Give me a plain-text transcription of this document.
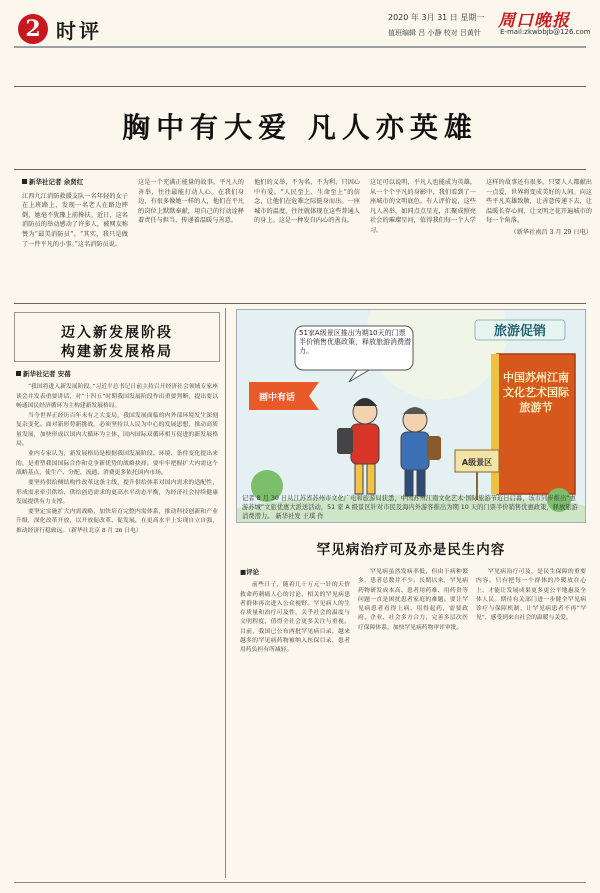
2 时评
2020 年 3月 31 日 星期一 周口晚报
值班编辑 吕 小静 校对 吕黄针	E-mail:zkwbbjb@126.com
胸中有大爱 凡人亦英雄
新华社记者 余贤红
江西九江消防救援支队一名年轻的女子在上班路上，发现一名老人在路边摔倒，她毫不犹豫上前搀扶。近日，这名消防员的举动感动了许多人，被网友称赞为“最美消防员”。“其实，我只是做了一件平凡的小事。”这名消防员说。
这是一个充满正能量的故事。平凡人的善举，往往最能打动人心。在我们身边，有很多像她一样的人，他们在平凡的岗位上默默奉献，用自己的行动诠释着责任与担当，传递着温暖与善意。
他们的义举，不为名，不为利，只因心中有爱。“人民至上、生命至上”的信念，让他们在危难之际挺身而出。一座城市的温度，往往就体现在这些普通人的身上。这是一种发自内心的善良。
这足可以说明，平凡人也能成为英雄。从一个个平凡的身影中，我们看到了一座城市的文明底色。有人评价说，这些凡人善举，如同点点星光，汇聚成照亮社会的璀璨星河，值得我们每一个人学习。
这样的故事还有很多。只要人人都献出一点爱，世界将变成美好的人间。向这些平凡英雄致敬，让善意传递下去，让温暖长存心间，让文明之花开遍城市的每一个角落。
（新华社南昌 3 月 29 日电）
迈入新发展阶段
构建新发展格局
新华社记者 安蓓

“我国将进入新发展阶段。”习近平总书记日前主持召开经济社会领域专家座谈会并发表重要讲话，对“十四五”时期我国发展阶段作出重要判断，提出要以畅通国民经济循环为主构建新发展格局。

当今世界正经历百年未有之大变局，我国发展面临的内外部环境发生深刻复杂变化。面对新形势新挑战，必须坚持以人民为中心的发展思想，推动高质量发展，加快形成以国内大循环为主体、国内国际双循环相互促进的新发展格局。

业内专家认为，新发展格局是根据我国发展阶段、环境、条件变化提出来的，是重塑我国国际合作和竞争新优势的战略抉择。要牢牢把握扩大内需这个战略基点，使生产、分配、流通、消费更多依托国内市场。

要坚持供给侧结构性改革这条主线，提升供给体系对国内需求的适配性，形成需求牵引供给、供给创造需求的更高水平动态平衡，为经济社会持续健康发展提供有力支撑。

要坚定实施扩大内需战略，加快培育完整内需体系，推动科技创新和产业升级，深化改革开放，以开放促改革、促发展，在更高水平上实现自立自强，推动经济行稳致远。（新华社北京 8 月 26 日电）

51家A级景区推出为期10天的门票半价销售优惠政策，释放旅游消费潜力。
旅游促销
画中有话
中国苏州江南文化艺术国际旅游节
A级景区
记者 8 月 30 日从江苏省苏州市文化广电和旅游局获悉，中国苏州江南文化艺术·国际旅游节近日启幕，该市同步推出“惠游苏城”文旅优惠大派送活动，51 家 A 级景区针对市民及海内外游客推出为期 10 天的门票半价销售优惠政策，释放旅游消费潜力。 新华社发 王琪 作
罕见病治疗可及亦是民生内容
■评论

前些日子，随着几十万元一针的天价救命药刺痛人心的讨论，相关的罕见病患者群体再次进入公众视野。罕见病人的生存质量和治疗可及性，关乎社会的温度与文明程度，值得全社会更多关注与重视。目前，我国已公布两批罕见病目录，越来越多的罕见病药物被纳入医保目录，患者用药负担有所减轻。

罕见病虽然发病率低，但由于病种繁多，患者总数并不少。长期以来，罕见病药物研发成本高、患者用药难、用药贵等问题一直是困扰患者家庭的难题。要让罕见病患者看得上病、用得起药，需要政府、企业、社会多方合力，完善多层次医疗保障体系，加快罕见病药物审评审批。

罕见病治疗可及，是民生保障的重要内容。只有把每一个群体的冷暖放在心上，才能让发展成果更多更公平地惠及全体人民。期待有关部门进一步健全罕见病诊疗与保障机制，让罕见病患者不再“罕见”，感受到来自社会的温暖与关爱。
